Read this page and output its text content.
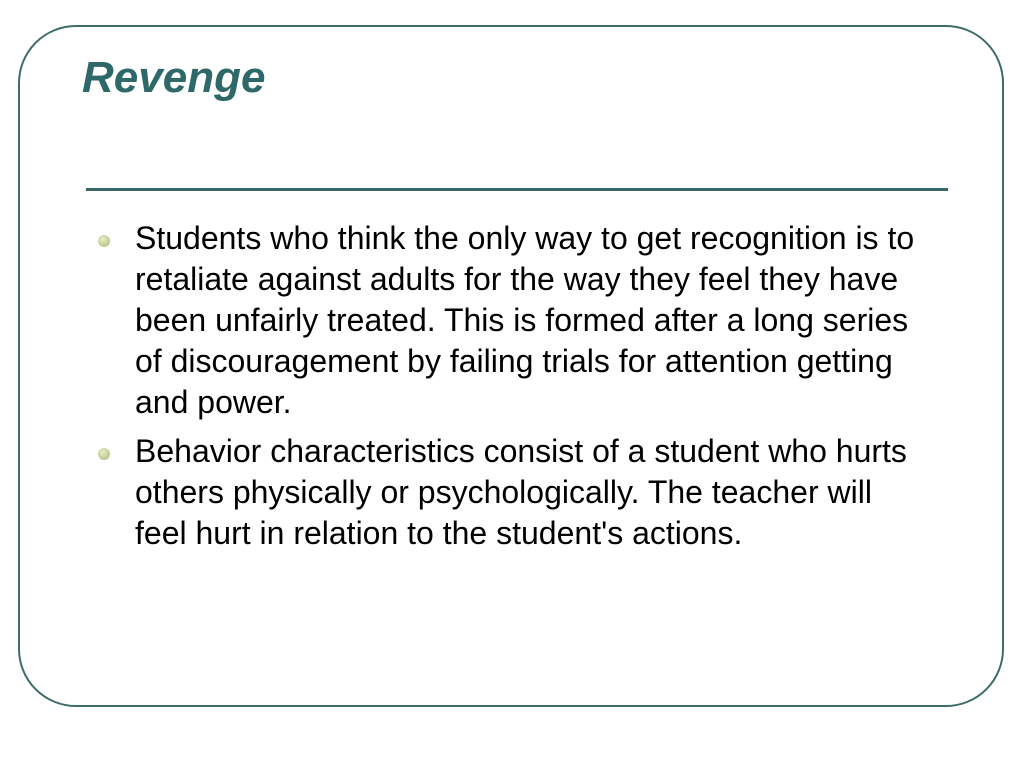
Revenge
Students who think the only way to get recognition is to retaliate against adults for the way they feel they have been unfairly treated. This is formed after a long series of discouragement by failing trials for attention getting and power.
Behavior characteristics consist of a student who hurts others physically or psychologically. The teacher will feel hurt in relation to the student's actions.
